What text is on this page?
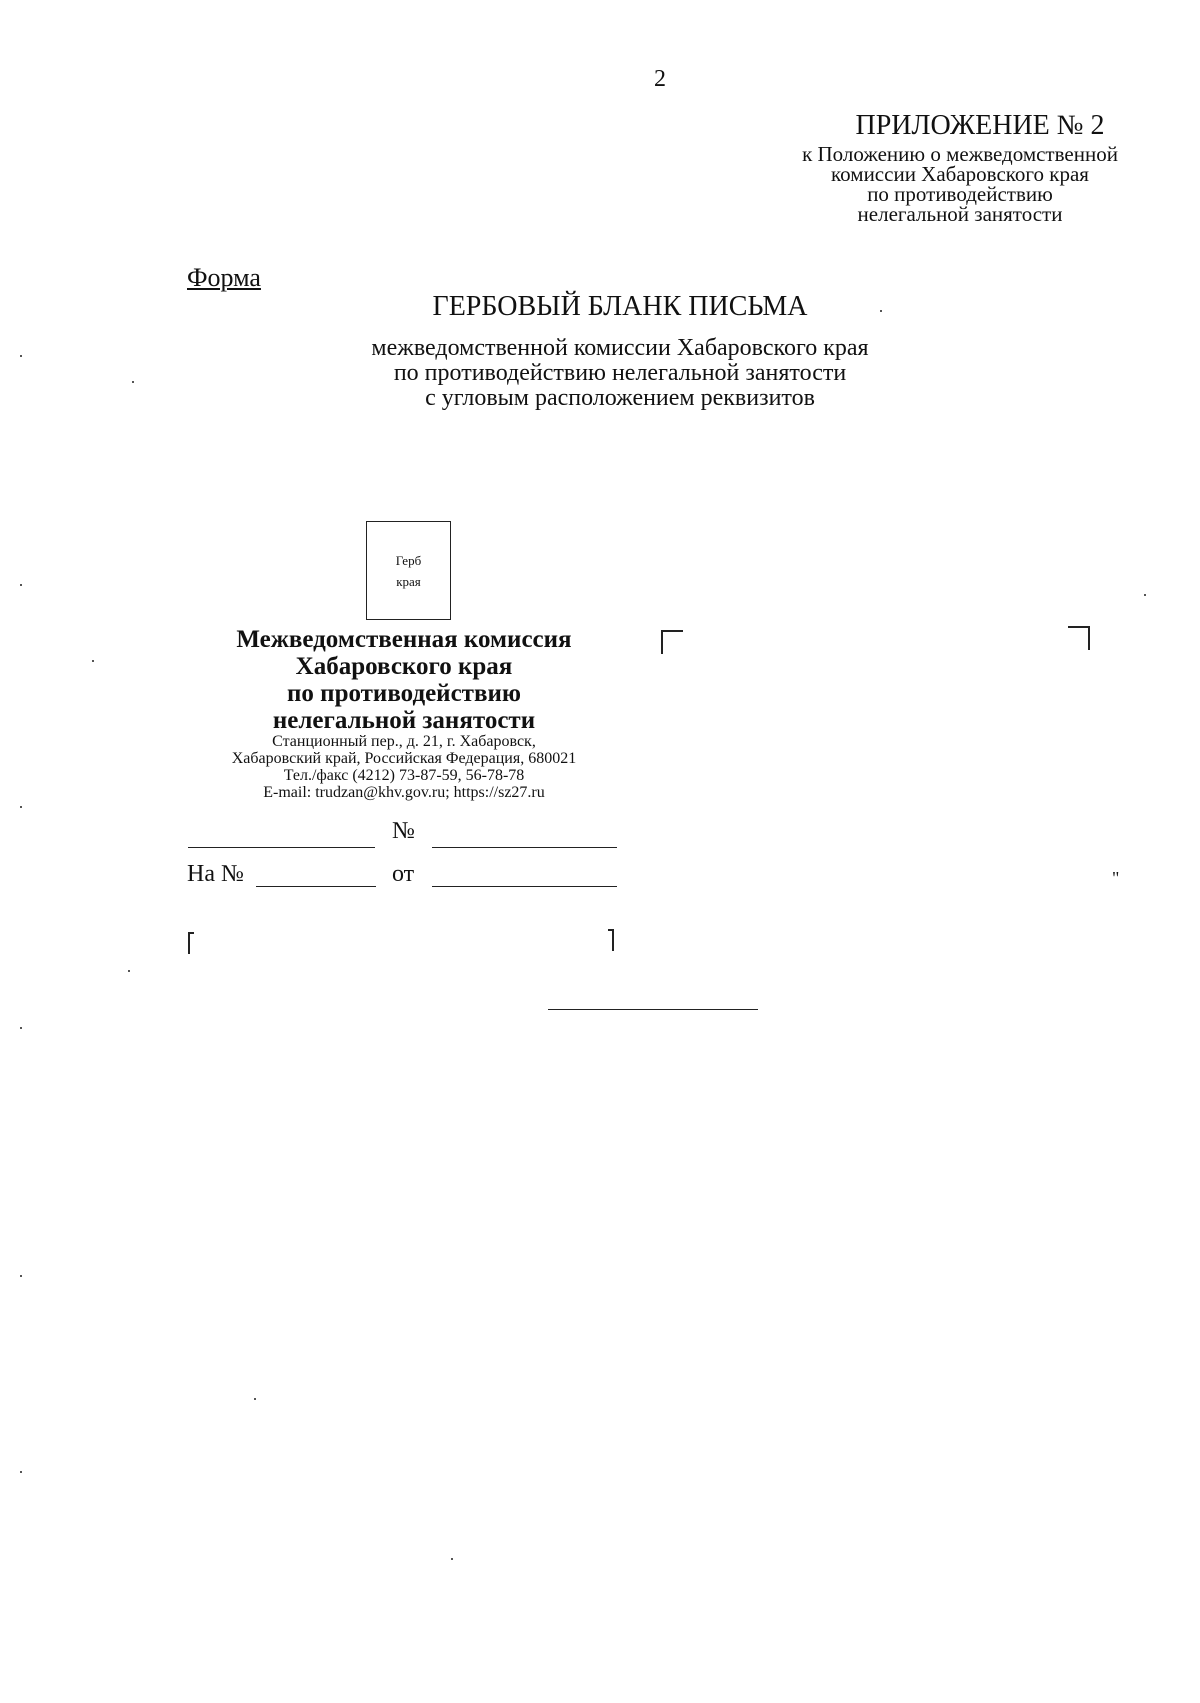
2
ПРИЛОЖЕНИЕ № 2
к Положению о межведомственной
комиссии Хабаровского края
по противодействию
нелегальной занятости
Форма
ГЕРБОВЫЙ БЛАНК ПИСЬМА
межведомственной комиссии Хабаровского края
по противодействию нелегальной занятости
с угловым расположением реквизитов
Герб
края
Межведомственная комиссия
Хабаровского края
по противодействию
нелегальной занятости
Станционный пер., д. 21, г. Хабаровск,
Хабаровский край, Российская Федерация, 680021
Тел./факс (4212) 73-87-59, 56-78-78
E-mail: trudzan@khv.gov.ru; https://sz27.ru
№
На №	от	"
